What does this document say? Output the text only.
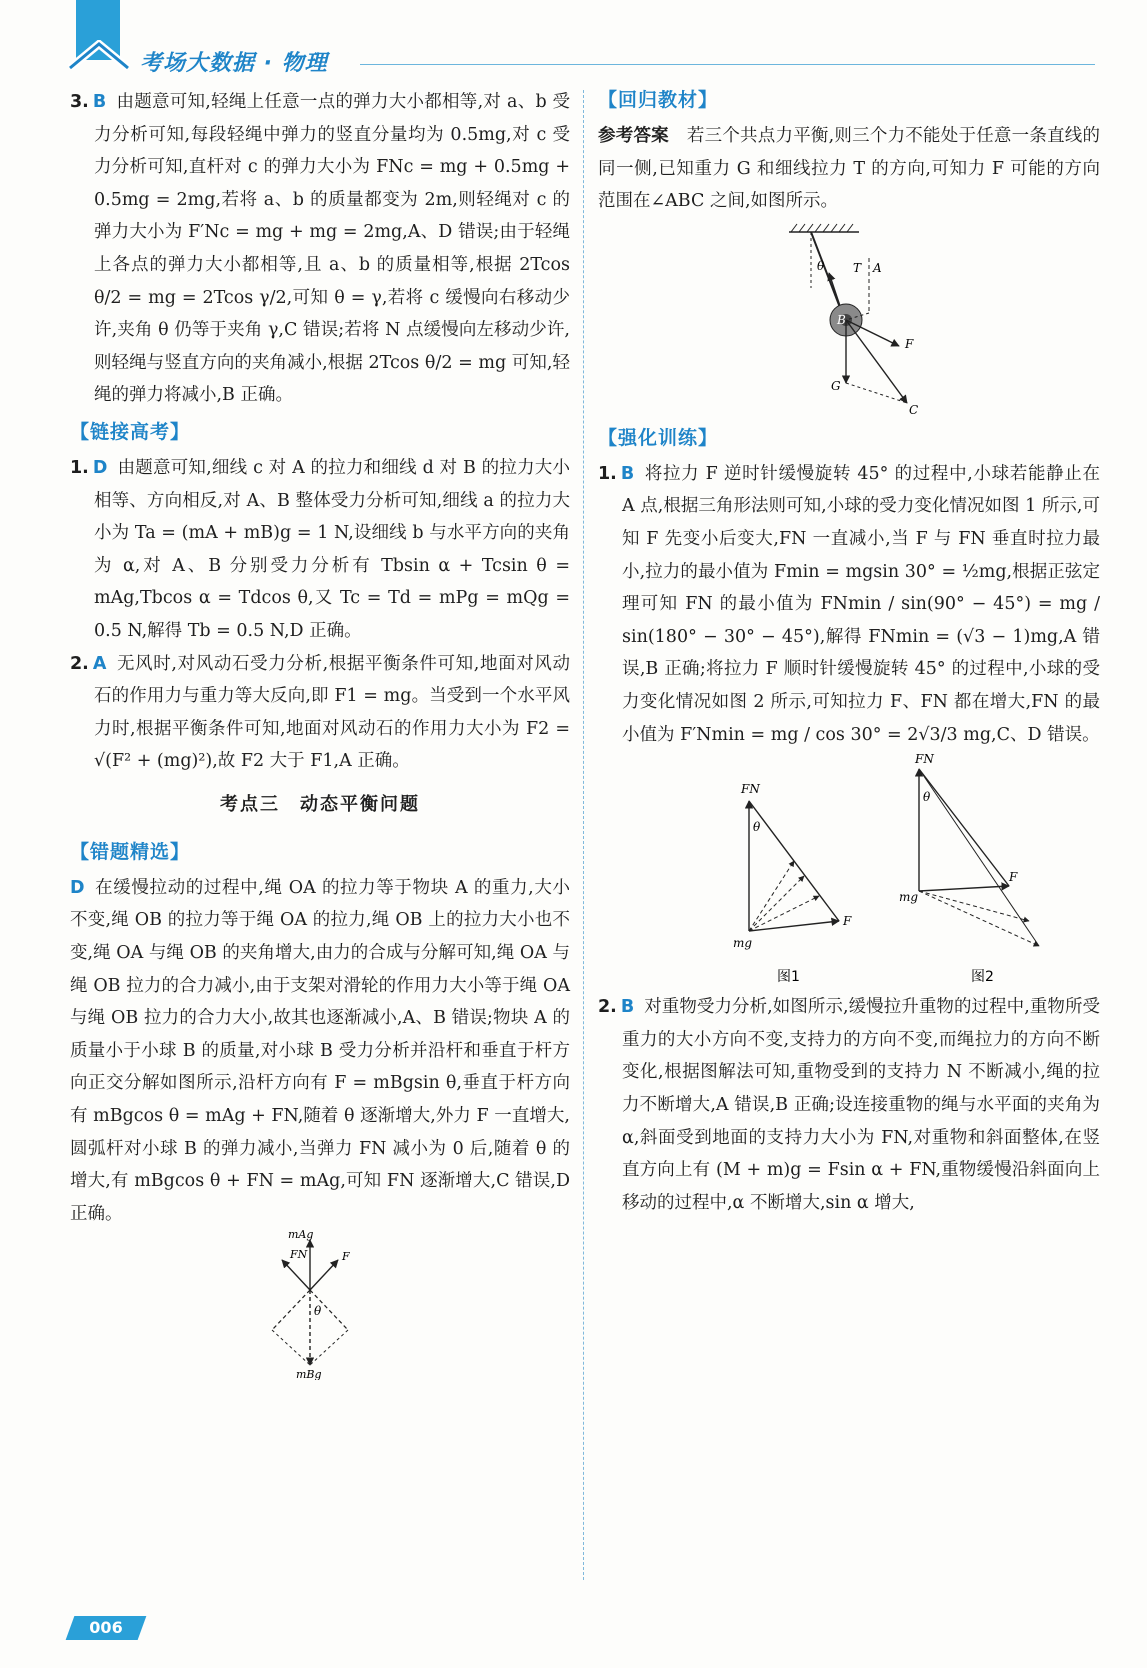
考场大数据 · 物理

3. B 由题意可知,轻绳上任意一点的弹力大小都相等,对 a、b 受力分析可知,每段轻绳中弹力的竖直分量均为 0.5mg,对 c 受力分析可知,直杆对 c 的弹力大小为 FNc = mg + 0.5mg + 0.5mg = 2mg,若将 a、b 的质量都变为 2m,则轻绳对 c 的弹力大小为 F′Nc = mg + mg = 2mg,A、D 错误;由于轻绳上各点的弹力大小都相等,且 a、b 的质量相等,根据 2Tcos θ/2 = mg = 2Tcos γ/2,可知 θ = γ,若将 c 缓慢向右移动少许,夹角 θ 仍等于夹角 γ,C 错误;若将 N 点缓慢向左移动少许,则轻绳与竖直方向的夹角减小,根据 2Tcos θ/2 = mg 可知,轻绳的弹力将减小,B 正确。

【链接高考】

1. D 由题意可知,细线 c 对 A 的拉力和细线 d 对 B 的拉力大小相等、方向相反,对 A、B 整体受力分析可知,细线 a 的拉力大小为 Ta = (mA + mB)g = 1 N,设细线 b 与水平方向的夹角为 α,对 A、B 分别受力分析有 Tbsin α + Tcsin θ = mAg,Tbcos α = Tdcos θ,又 Tc = Td = mPg = mQg = 0.5 N,解得 Tb = 0.5 N,D 正确。

2. A 无风时,对风动石受力分析,根据平衡条件可知,地面对风动石的作用力与重力等大反向,即 F1 = mg。当受到一个水平风力时,根据平衡条件可知,地面对风动石的作用力大小为 F2 = √(F² + (mg)²),故 F2 大于 F1,A 正确。

考点三　动态平衡问题
【错题精选】

D 在缓慢拉动的过程中,绳 OA 的拉力等于物块 A 的重力,大小不变,绳 OB 的拉力等于绳 OA 的拉力,绳 OB 上的拉力大小也不变,绳 OA 与绳 OB 的夹角增大,由力的合成与分解可知,绳 OA 与绳 OB 拉力的合力减小,由于支架对滑轮的作用力大小等于绳 OA 与绳 OB 拉力的合力大小,故其也逐渐减小,A、B 错误;物块 A 的质量小于小球 B 的质量,对小球 B 受力分析并沿杆和垂直于杆方向正交分解如图所示,沿杆方向有 F = mBgsin θ,垂直于杆方向有 mBgcos θ = mAg + FN,随着 θ 逐渐增大,外力 F 一直增大,圆弧杆对小球 B 的弹力减小,当弹力 FN 减小为 0 后,随着 θ 的增大,有 mBgcos θ + FN = mAg,可知 FN 逐渐增大,C 错误,D 正确。

mAg
FN	F
θ
mBg
【回归教材】

参考答案 若三个共点力平衡,则三个力不能处于任意一条直线的同一侧,已知重力 G 和细线拉力 T 的方向,可知力 F 可能的方向范围在∠ABC 之间,如图所示。

θ T A
B
F
G
C
【强化训练】

1. B 将拉力 F 逆时针缓慢旋转 45° 的过程中,小球若能静止在 A 点,根据三角形法则可知,小球的受力变化情况如图 1 所示,可知 F 先变小后变大,FN 一直减小,当 F 与 FN 垂直时拉力最小,拉力的最小值为 Fmin = mgsin 30° = ½mg,根据正弦定理可知 FN 的最小值为 FNmin / sin(90° − 45°) = mg / sin(180° − 30° − 45°),解得 FNmin = (√3 − 1)mg,A 错误,B 正确;将拉力 F 顺时针缓慢旋转 45° 的过程中,小球的受力变化情况如图 2 所示,可知拉力 F、FN 都在增大,FN 的最小值为 F′Nmin = mg / cos 30° = 2√3/3 mg,C、D 错误。

FN
θ
F
mg
图1
FN
θ
F
mg
图2

2. B 对重物受力分析,如图所示,缓慢拉升重物的过程中,重物所受重力的大小方向不变,支持力的方向不变,而绳拉力的方向不断变化,根据图解法可知,重物受到的支持力 N 不断减小,绳的拉力不断增大,A 错误,B 正确;设连接重物的绳与水平面的夹角为 α,斜面受到地面的支持力大小为 FN,对重物和斜面整体,在竖直方向上有 (M + m)g = Fsin α + FN,重物缓慢沿斜面向上移动的过程中,α 不断增大,sin α 增大,

006
